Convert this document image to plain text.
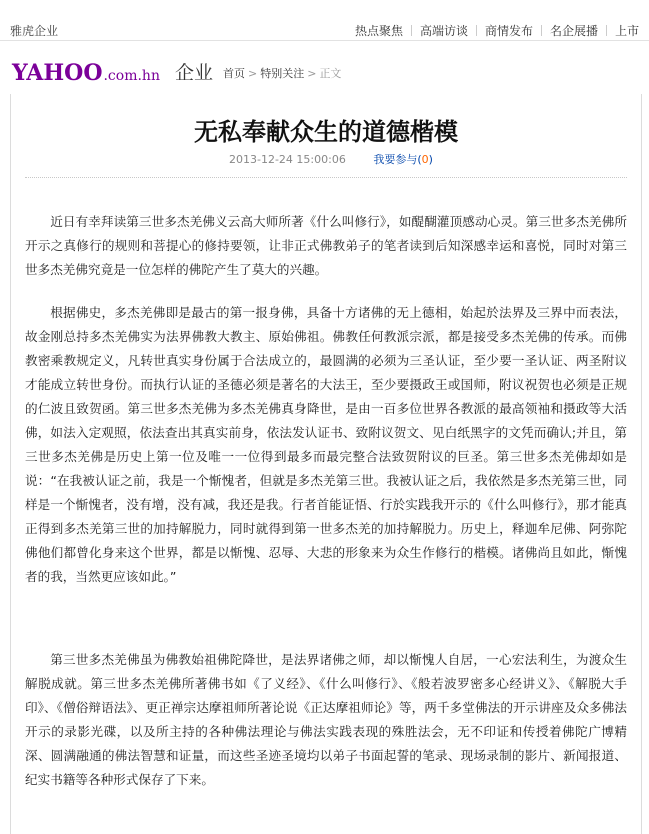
雅虎企业	热点聚焦 高端访谈 商情发布 名企展播 上市
YAHOO.com.hn 企业 首页 > 特别关注 > 正文
无私奉献众生的道德楷模
2013-12-24 15:00:06	我要参与(0)

近日有幸拜读第三世多杰羌佛义云高大师所著《什么叫修行》，如醍醐灌顶感动心灵。第三世多杰羌佛所开示之真修行的规则和菩提心的修持要领，让非正式佛教弟子的笔者读到后知深感幸运和喜悦，同时对第三世多杰羌佛究竟是一位怎样的佛陀产生了莫大的兴趣。

根据佛史，多杰羌佛即是最古的第一报身佛，具备十方诸佛的无上德相，始起於法界及三界中而表法，故金刚总持多杰羌佛实为法界佛教大教主、原始佛祖。佛教任何教派宗派，都是接受多杰羌佛的传承。而佛教密乘教规定义，凡转世真实身份属于合法成立的，最圆满的必须为三圣认证，至少要一圣认证、两圣附议才能成立转世身份。而执行认证的圣德必须是著名的大法王，至少要摄政王或国师，附议祝贺也必须是正规的仁波且致贺函。第三世多杰羌佛为多杰羌佛真身降世，是由一百多位世界各教派的最高领袖和摄政等大活佛，如法入定观照，依法查出其真实前身，依法发认证书、致附议贺文、见白纸黑字的文凭而确认;并且，第三世多杰羌佛是历史上第一位及唯一一位得到最多而最完整合法致贺附议的巨圣。第三世多杰羌佛却如是说：“在我被认证之前，我是一个惭愧者，但就是多杰羌第三世。我被认证之后，我依然是多杰羌第三世，同样是一个惭愧者，没有增，没有减，我还是我。行者首能证悟、行於实践我开示的《什么叫修行》，那才能真正得到多杰羌第三世的加持解脱力，同时就得到第一世多杰羌的加持解脱力。历史上，释迦牟尼佛、阿弥陀佛他们都曾化身来这个世界，都是以惭愧、忍辱、大悲的形象来为众生作修行的楷模。诸佛尚且如此，惭愧者的我，当然更应该如此。”

第三世多杰羌佛虽为佛教始祖佛陀降世，是法界诸佛之师，却以惭愧人自居，一心宏法利生，为渡众生解脱成就。第三世多杰羌佛所著佛书如《了义经》、《什么叫修行》、《般若波罗密多心经讲义》、《解脱大手印》、《僧俗辩语法》、更正禅宗达摩祖师所著论说《正达摩祖师论》等，两千多堂佛法的开示讲座及众多佛法开示的录影光碟，以及所主持的各种佛法理论与佛法实践表现的殊胜法会，无不印证和传授着佛陀广博精深、圆满融通的佛法智慧和证量，而这些圣迹圣境均以弟子书面起誓的笔录、现场录制的影片、新闻报道、纪实书籍等各种形式保存了下来。
